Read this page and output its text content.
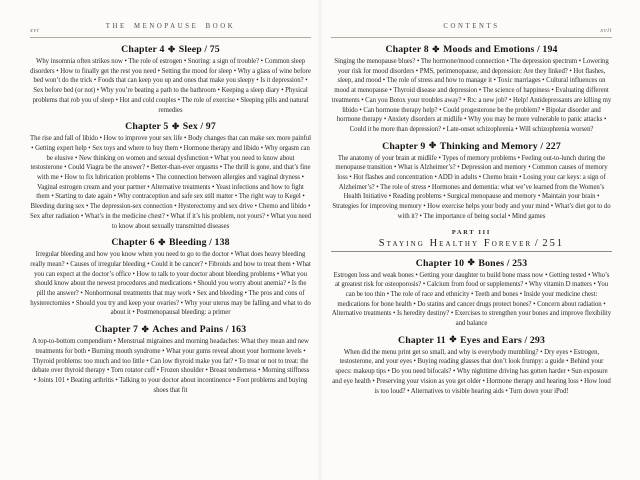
xvi
THE MENOPAUSE BOOK
Chapter 4 ✤ Sleep / 75

Why insomnia often strikes now • The role of estrogen • Snoring: a sign of trouble? • Common sleep disorders • How to finally get the rest you need • Setting the mood for sleep • Why a glass of wine before bed won’t do the trick • Foods that can keep you up and ones that make you sleepy • Is it depression? • Sex before bed (or not) • Why you’re beating a path to the bathroom • Keeping a sleep diary • Physical problems that rob you of sleep • Hot and cold couples • The role of exercise • Sleeping pills and natural remedies

Chapter 5 ✤ Sex / 97

The rise and fall of libido • How to improve your sex life • Body changes that can make sex more painful • Getting expert help • Sex toys and where to buy them • Hormone therapy and libido • Why orgasm can be elusive • New thinking on women and sexual dysfunction • What you need to know about testosterone • Could Viagra be the answer? • Better-than-ever orgasms • The thrill is gone, and that’s fine with me • How to fix lubrication problems • The connection between allergies and vaginal dryness • Vaginal estrogen cream and your partner • Alternative treatments • Yeast infections and how to fight them • Starting to date again • Why contraception and safe sex still matter • The right way to Kegel • Bleeding during sex • The depression-sex connection • Hysterectomy and sex drive • Chemo and libido • Sex after radiation • What’s in the medicine chest? • What if it’s his problem, not yours? • What you need to know about sexually transmitted diseases

Chapter 6 ✤ Bleeding / 138

Irregular bleeding and how you know when you need to go to the doctor • What does heavy bleeding really mean? • Causes of irregular bleeding • Could it be cancer? • Fibroids and how to treat them • What you can expect at the doctor’s office • How to talk to your doctor about bleeding problems • What you should know about the newest procedures and medications • Should you worry about anemia? • Is the pill the answer? • Nonhormonal treatments that may work • Sex and bleeding • The pros and cons of hysterectomies • Should you try and keep your ovaries? • Why your uterus may be falling and what to do about it • Postmenopausal bleeding: a primer

Chapter 7 ✤ Aches and Pains / 163

A top-to-bottom compendium • Menstrual migraines and morning headaches: What they mean and new treatments for both • Burning mouth syndrome • What your gums reveal about your hormone levels • Thyroid problems: too much and too little • Can low thyroid make you fat? • To treat or not to treat: the debate over thyroid therapy • Torn rotator cuff • Frozen shoulder • Breast tenderness • Morning stiffness • Joints 101 • Beating arthritis • Talking to your doctor about incontinence • Foot problems and buying shoes that fit

CONTENTS
xvii
Chapter 8 ✤ Moods and Emotions / 194

Singing the menopause blues? • The hormone/mood connection • The depression spectrum • Lowering your risk for mood disorders • PMS, perimenopause, and depression: Are they linked? • Hot flashes, sleep, and mood • The role of stress and how to manage it • Toxic marriages • Cultural influences on mood at menopause • Thyroid disease and depression • The science of happiness • Evaluating different treatments • Can you Botox your troubles away? • Rx: a new job? • Help! Antidepressants are killing my libido • Can hormone therapy help? • Could progesterone be the problem? • Bipolar disorder and hormone therapy • Anxiety disorders at midlife • Why you may be more vulnerable to panic attacks • Could it be more than depression? • Late-onset schizophrenia • Will schizophrenia worsen?

Chapter 9 ✤ Thinking and Memory / 227

The anatomy of your brain at midlife • Types of memory problems • Feeling out-to-lunch during the menopause transition • What is Alzheimer’s? • Depression and memory • Common causes of memory loss • Hot flashes and concentration • ADD in adults • Chemo brain • Losing your car keys: a sign of Alzheimer’s? • The role of stress • Hormones and dementia: what we’ve learned from the Women’s Health Initiative • Reading problems • Surgical menopause and memory • Maintain your brain • Strategies for improving memory • How exercise helps your body and your mind • What’s diet got to do with it? • The importance of being social • Mind games

PART III
Staying Healthy Forever / 251
Chapter 10 ✤ Bones / 253

Estrogen loss and weak bones • Getting your daughter to build bone mass now • Getting tested • Who’s at greatest risk for osteoporosis? • Calcium from food or supplements? • Why vitamin D matters • You can be too thin • The role of race and ethnicity • Teeth and bones • Inside your medicine chest: medications for bone health • Do statins and cancer drugs protect bones? • Concern about radiation • Alternative treatments • Is heredity destiny? • Exercises to strengthen your bones and improve flexibility and balance

Chapter 11 ✤ Eyes and Ears / 293

When did the menu print get so small, and why is everybody mumbling? • Dry eyes • Estrogen, testosterone, and your eyes • Buying reading glasses that don’t look frumpy: a guide • Behind your specs: makeup tips • Do you need bifocals? • Why nighttime driving has gotten harder • Sun exposure and eye health • Preserving your vision as you get older • Hormone therapy and hearing loss • How loud is too loud? • Alternatives to visible hearing aids • Turn down your iPod!
